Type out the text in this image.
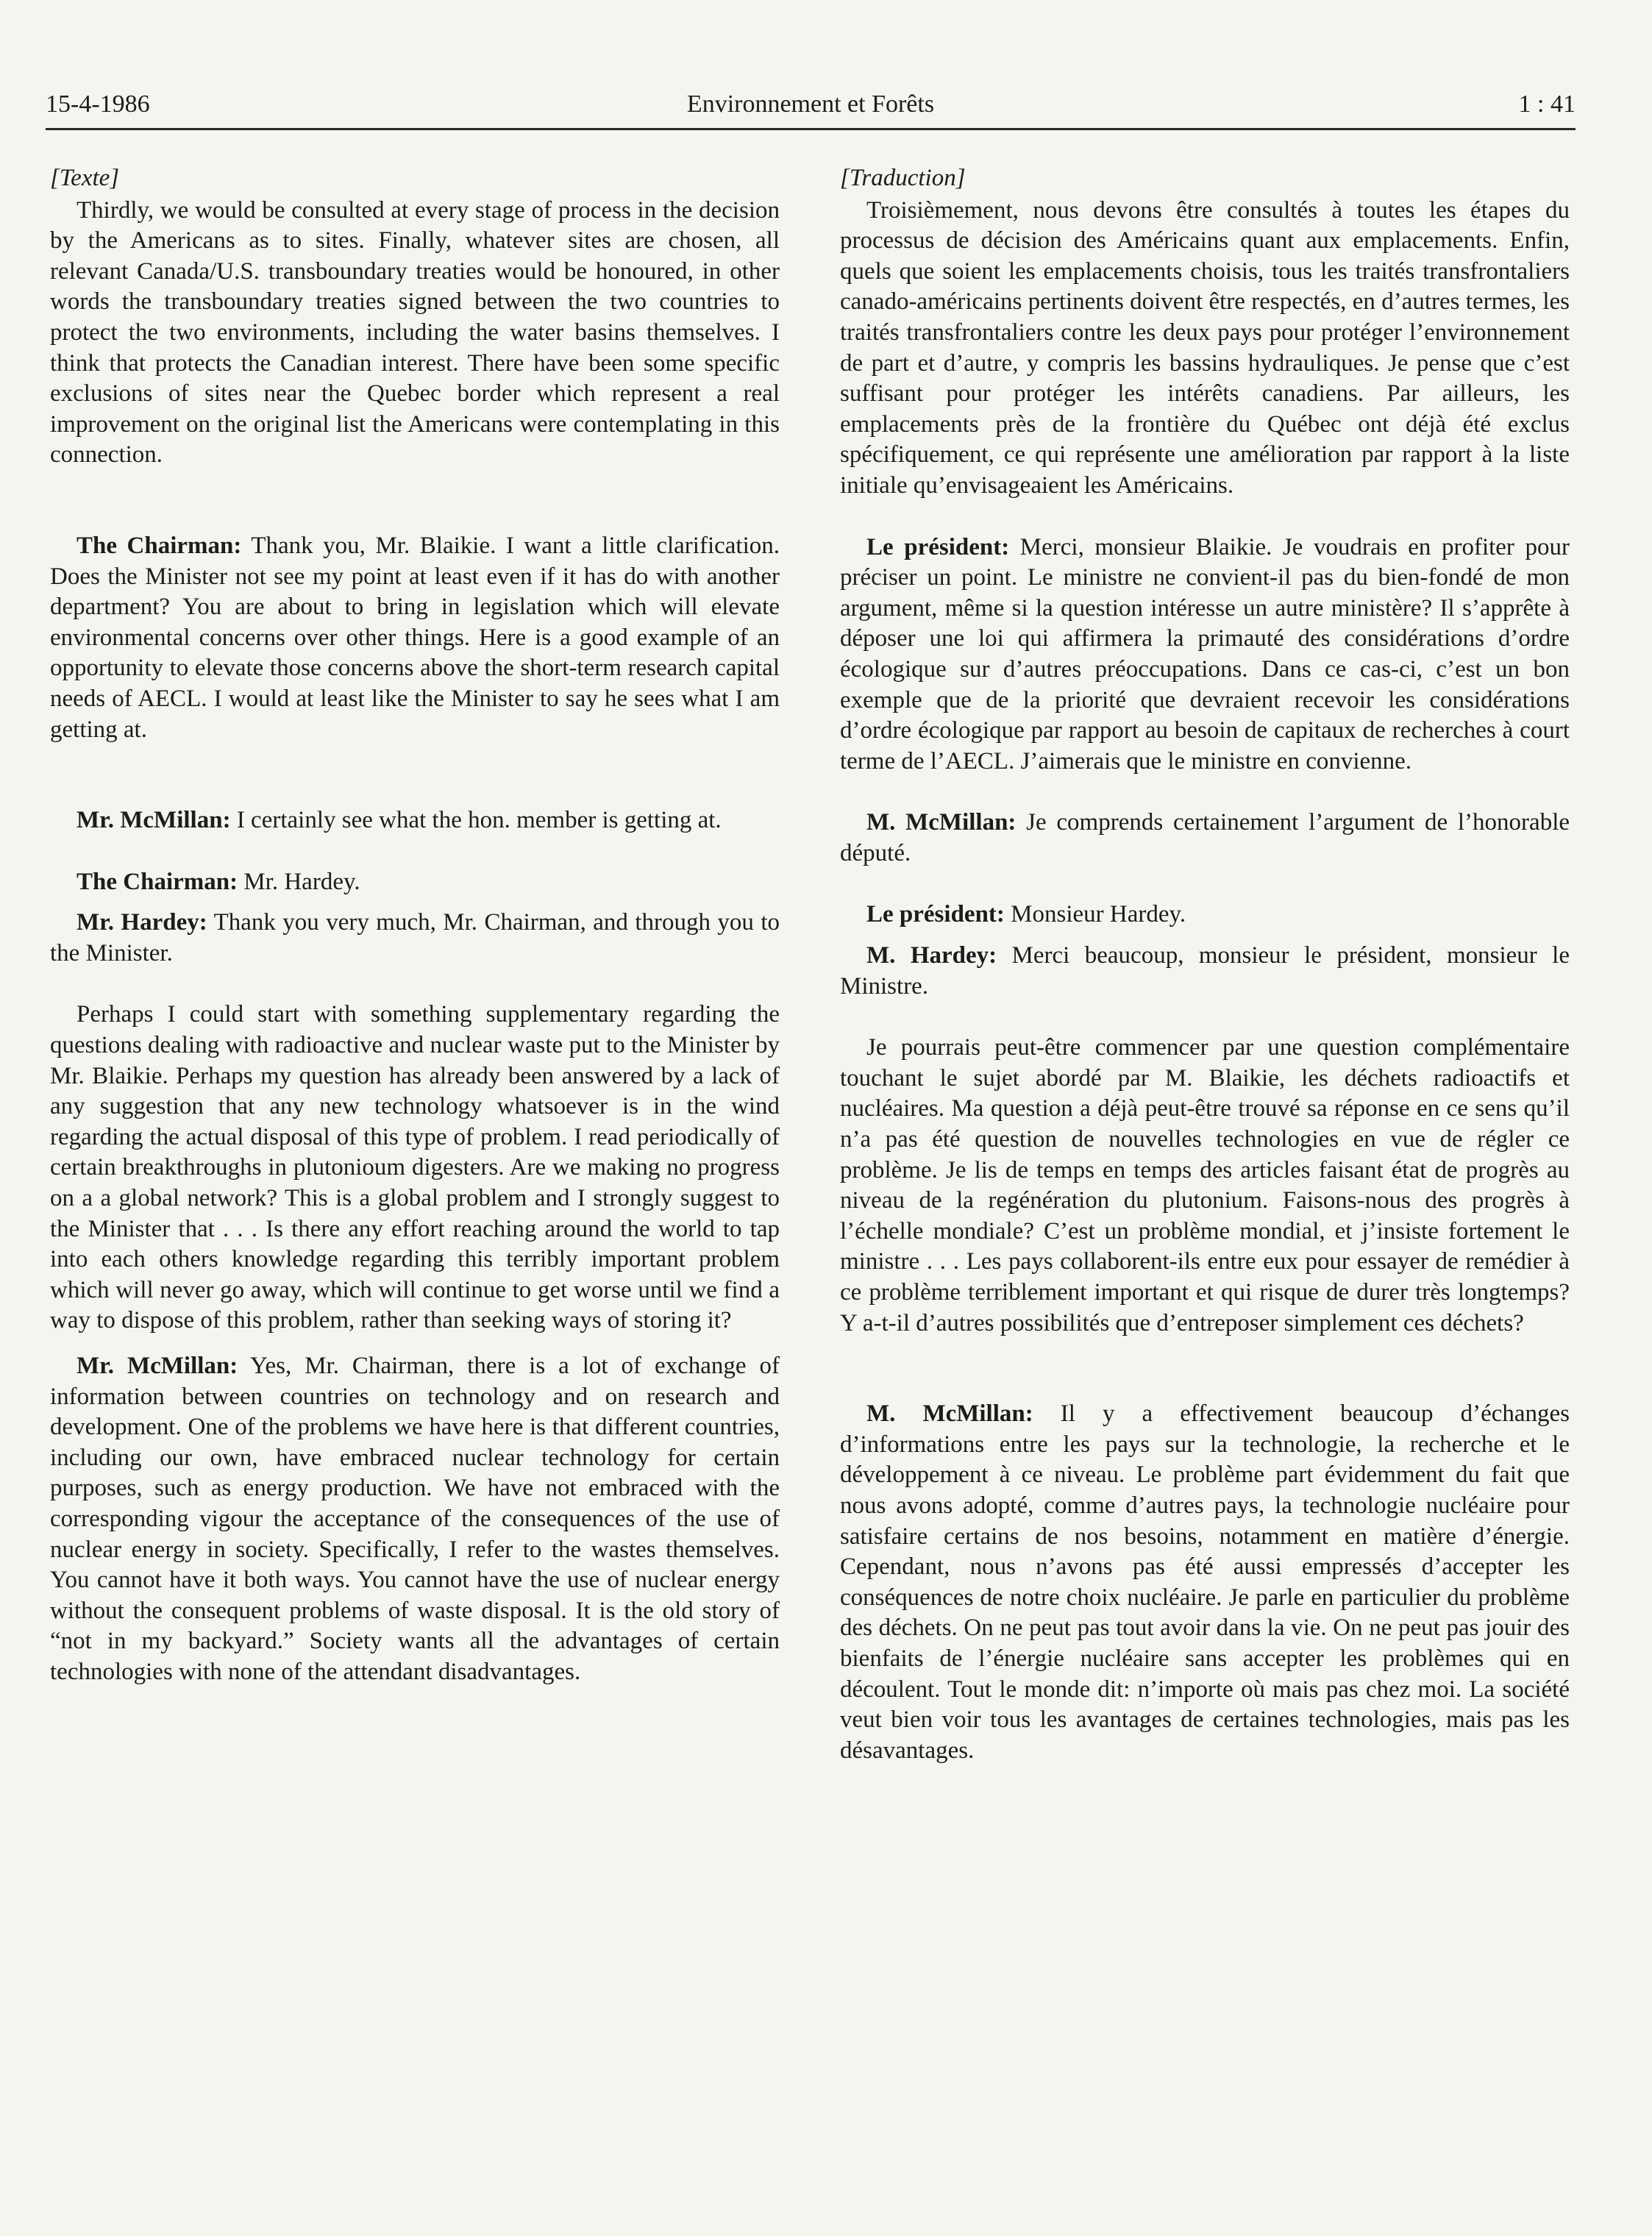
15-4-1986	Environnement et Forêts	1 : 41
[Texte]

Thirdly, we would be consulted at every stage of process in the decision by the Americans as to sites. Finally, whatever sites are chosen, all relevant Canada/U.S. transboundary treaties would be honoured, in other words the transboundary treaties signed between the two countries to protect the two environments, including the water basins themselves. I think that protects the Canadian interest. There have been some specific exclusions of sites near the Quebec border which represent a real improvement on the original list the Americans were contemplating in this connection.

The Chairman: Thank you, Mr. Blaikie. I want a little clarification. Does the Minister not see my point at least even if it has do with another department? You are about to bring in legislation which will elevate environmental concerns over other things. Here is a good example of an opportunity to elevate those concerns above the short-term research capital needs of AECL. I would at least like the Minister to say he sees what I am getting at.

Mr. McMillan: I certainly see what the hon. member is getting at.

The Chairman: Mr. Hardey.

Mr. Hardey: Thank you very much, Mr. Chairman, and through you to the Minister.

Perhaps I could start with something supplementary regarding the questions dealing with radioactive and nuclear waste put to the Minister by Mr. Blaikie. Perhaps my question has already been answered by a lack of any suggestion that any new technology whatsoever is in the wind regarding the actual disposal of this type of problem. I read periodically of certain breakthroughs in plutonioum digesters. Are we making no progress on a a global network? This is a global problem and I strongly suggest to the Minister that . . . Is there any effort reaching around the world to tap into each others knowledge regarding this terribly important problem which will never go away, which will continue to get worse until we find a way to dispose of this problem, rather than seeking ways of storing it?

Mr. McMillan: Yes, Mr. Chairman, there is a lot of exchange of information between countries on technology and on research and development. One of the problems we have here is that different countries, including our own, have embraced nuclear technology for certain purposes, such as energy production. We have not embraced with the corresponding vigour the acceptance of the consequences of the use of nuclear energy in society. Specifically, I refer to the wastes themselves. You cannot have it both ways. You cannot have the use of nuclear energy without the consequent problems of waste disposal. It is the old story of “not in my backyard.” Society wants all the advantages of certain technologies with none of the attendant disadvantages.

[Traduction]

Troisièmement, nous devons être consultés à toutes les étapes du processus de décision des Américains quant aux emplacements. Enfin, quels que soient les emplacements choisis, tous les traités transfrontaliers canado-américains pertinents doivent être respectés, en d’autres termes, les traités transfrontaliers contre les deux pays pour protéger l’environnement de part et d’autre, y compris les bassins hydrauliques. Je pense que c’est suffisant pour protéger les intérêts canadiens. Par ailleurs, les emplacements près de la frontière du Québec ont déjà été exclus spécifiquement, ce qui représente une amélioration par rapport à la liste initiale qu’envisageaient les Américains.

Le président: Merci, monsieur Blaikie. Je voudrais en profiter pour préciser un point. Le ministre ne convient-il pas du bien-fondé de mon argument, même si la question intéresse un autre ministère? Il s’apprête à déposer une loi qui affirmera la primauté des considérations d’ordre écologique sur d’autres préoccupations. Dans ce cas-ci, c’est un bon exemple que de la priorité que devraient recevoir les considérations d’ordre écologique par rapport au besoin de capitaux de recherches à court terme de l’AECL. J’aimerais que le ministre en convienne.

M. McMillan: Je comprends certainement l’argument de l’honorable député.

Le président: Monsieur Hardey.

M. Hardey: Merci beaucoup, monsieur le président, monsieur le Ministre.

Je pourrais peut-être commencer par une question complémentaire touchant le sujet abordé par M. Blaikie, les déchets radioactifs et nucléaires. Ma question a déjà peut-être trouvé sa réponse en ce sens qu’il n’a pas été question de nouvelles technologies en vue de régler ce problème. Je lis de temps en temps des articles faisant état de progrès au niveau de la regénération du plutonium. Faisons-nous des progrès à l’échelle mondiale? C’est un problème mondial, et j’insiste fortement le ministre . . . Les pays collaborent-ils entre eux pour essayer de remédier à ce problème terriblement important et qui risque de durer très longtemps? Y a-t-il d’autres possibilités que d’entreposer simplement ces déchets?

M. McMillan: Il y a effectivement beaucoup d’échanges d’informations entre les pays sur la technologie, la recherche et le développement à ce niveau. Le problème part évidemment du fait que nous avons adopté, comme d’autres pays, la technologie nucléaire pour satisfaire certains de nos besoins, notamment en matière d’énergie. Cependant, nous n’avons pas été aussi empressés d’accepter les conséquences de notre choix nucléaire. Je parle en particulier du problème des déchets. On ne peut pas tout avoir dans la vie. On ne peut pas jouir des bienfaits de l’énergie nucléaire sans accepter les problèmes qui en découlent. Tout le monde dit: n’importe où mais pas chez moi. La société veut bien voir tous les avantages de certaines technologies, mais pas les désavantages.
